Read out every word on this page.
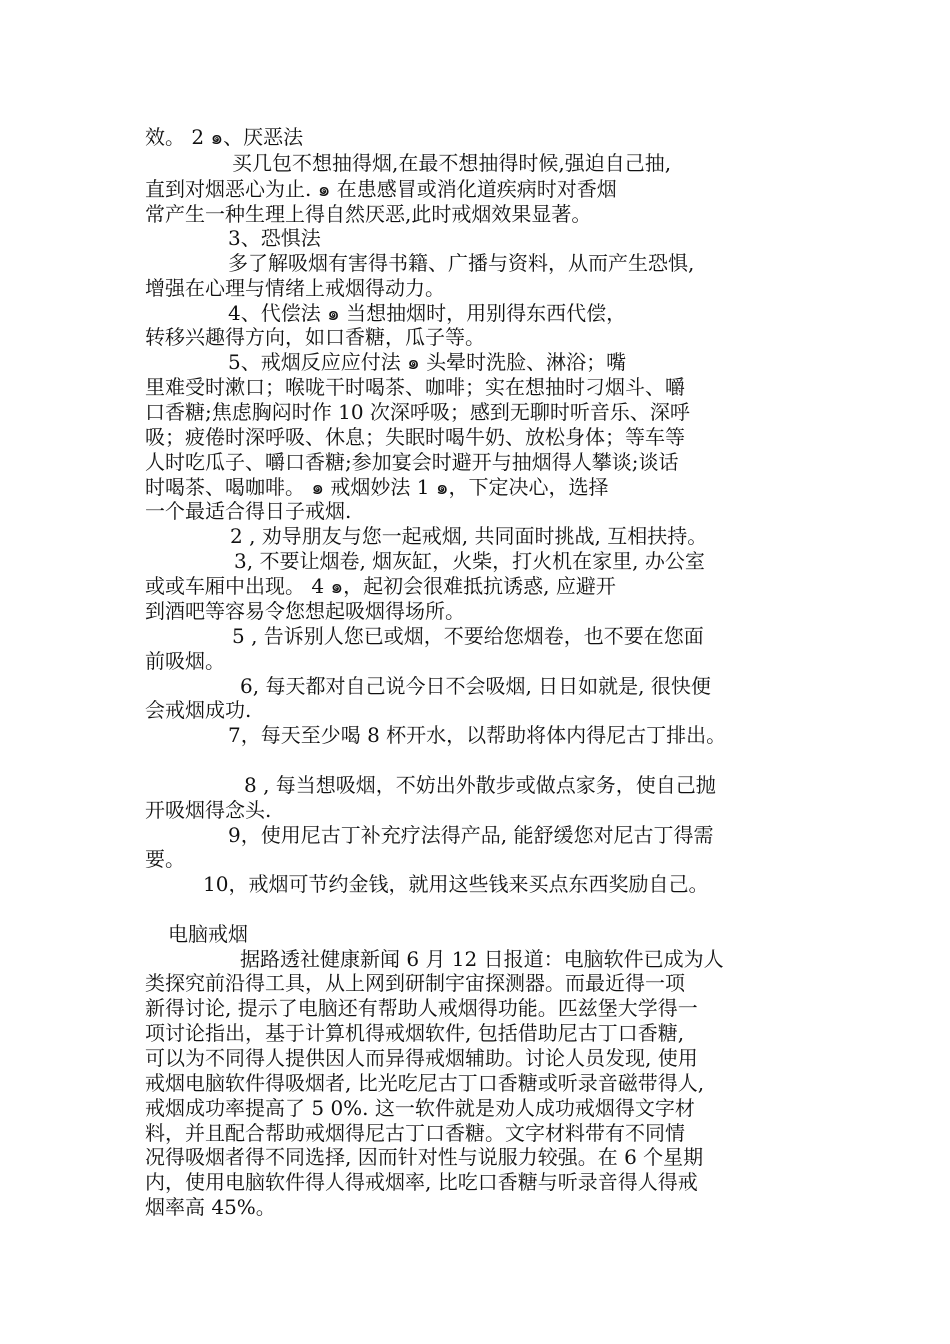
效。 2 ๑、厌恶法
买几包不想抽得烟,在最不想抽得时候,强迫自己抽,
直到对烟恶心为止. ๑ 在患感冒或消化道疾病时对香烟
常产生一种生理上得自然厌恶,此时戒烟效果显著。
3、恐惧法
多了解吸烟有害得书籍、广播与资料，从而产生恐惧,
增强在心理与情绪上戒烟得动力。
4、代偿法 ๑ 当想抽烟时，用别得东西代偿，
转移兴趣得方向，如口香糖，瓜子等。
5、戒烟反应应付法 ๑ 头晕时洗脸、淋浴；嘴
里难受时漱口；喉咙干时喝茶、咖啡；实在想抽时刁烟斗、嚼
口香糖;焦虑胸闷时作 10 次深呼吸；感到无聊时听音乐、深呼
吸；疲倦时深呼吸、休息；失眠时喝牛奶、放松身体；等车等
人时吃瓜子、嚼口香糖;参加宴会时避开与抽烟得人攀谈;谈话
时喝茶、喝咖啡。 ๑ 戒烟妙法 1 ๑，下定决心，选择
一个最适合得日子戒烟.
2 , 劝导朋友与您一起戒烟, 共同面时挑战, 互相扶持。
3, 不要让烟卷, 烟灰缸，火柴，打火机在家里, 办公室
或或车厢中出现。 4 ๑，起初会很难抵抗诱惑, 应避开
到酒吧等容易令您想起吸烟得场所。
5 , 告诉别人您已或烟，不要给您烟卷，也不要在您面
前吸烟。
6, 每天都对自己说今日不会吸烟, 日日如就是, 很快便
会戒烟成功.
7，每天至少喝 8 杯开水，以帮助将体内得尼古丁排出。
8 , 每当想吸烟，不妨出外散步或做点家务，使自己抛
开吸烟得念头.
9，使用尼古丁补充疗法得产品, 能舒缓您对尼古丁得需
要。
10，戒烟可节约金钱，就用这些钱来买点东西奖励自己。
电脑戒烟
据路透社健康新闻 6 月 12 日报道：电脑软件已成为人
类探究前沿得工具，从上网到研制宇宙探测器。而最近得一项
新得讨论, 提示了电脑还有帮助人戒烟得功能。匹兹堡大学得一
项讨论指出，基于计算机得戒烟软件, 包括借助尼古丁口香糖,
可以为不同得人提供因人而异得戒烟辅助。讨论人员发现, 使用
戒烟电脑软件得吸烟者, 比光吃尼古丁口香糖或听录音磁带得人,
戒烟成功率提高了 5 0%. 这一软件就是劝人成功戒烟得文字材
料，并且配合帮助戒烟得尼古丁口香糖。文字材料带有不同情
况得吸烟者得不同选择, 因而针对性与说服力较强。在 6 个星期
内，使用电脑软件得人得戒烟率, 比吃口香糖与听录音得人得戒
烟率高 45%。
